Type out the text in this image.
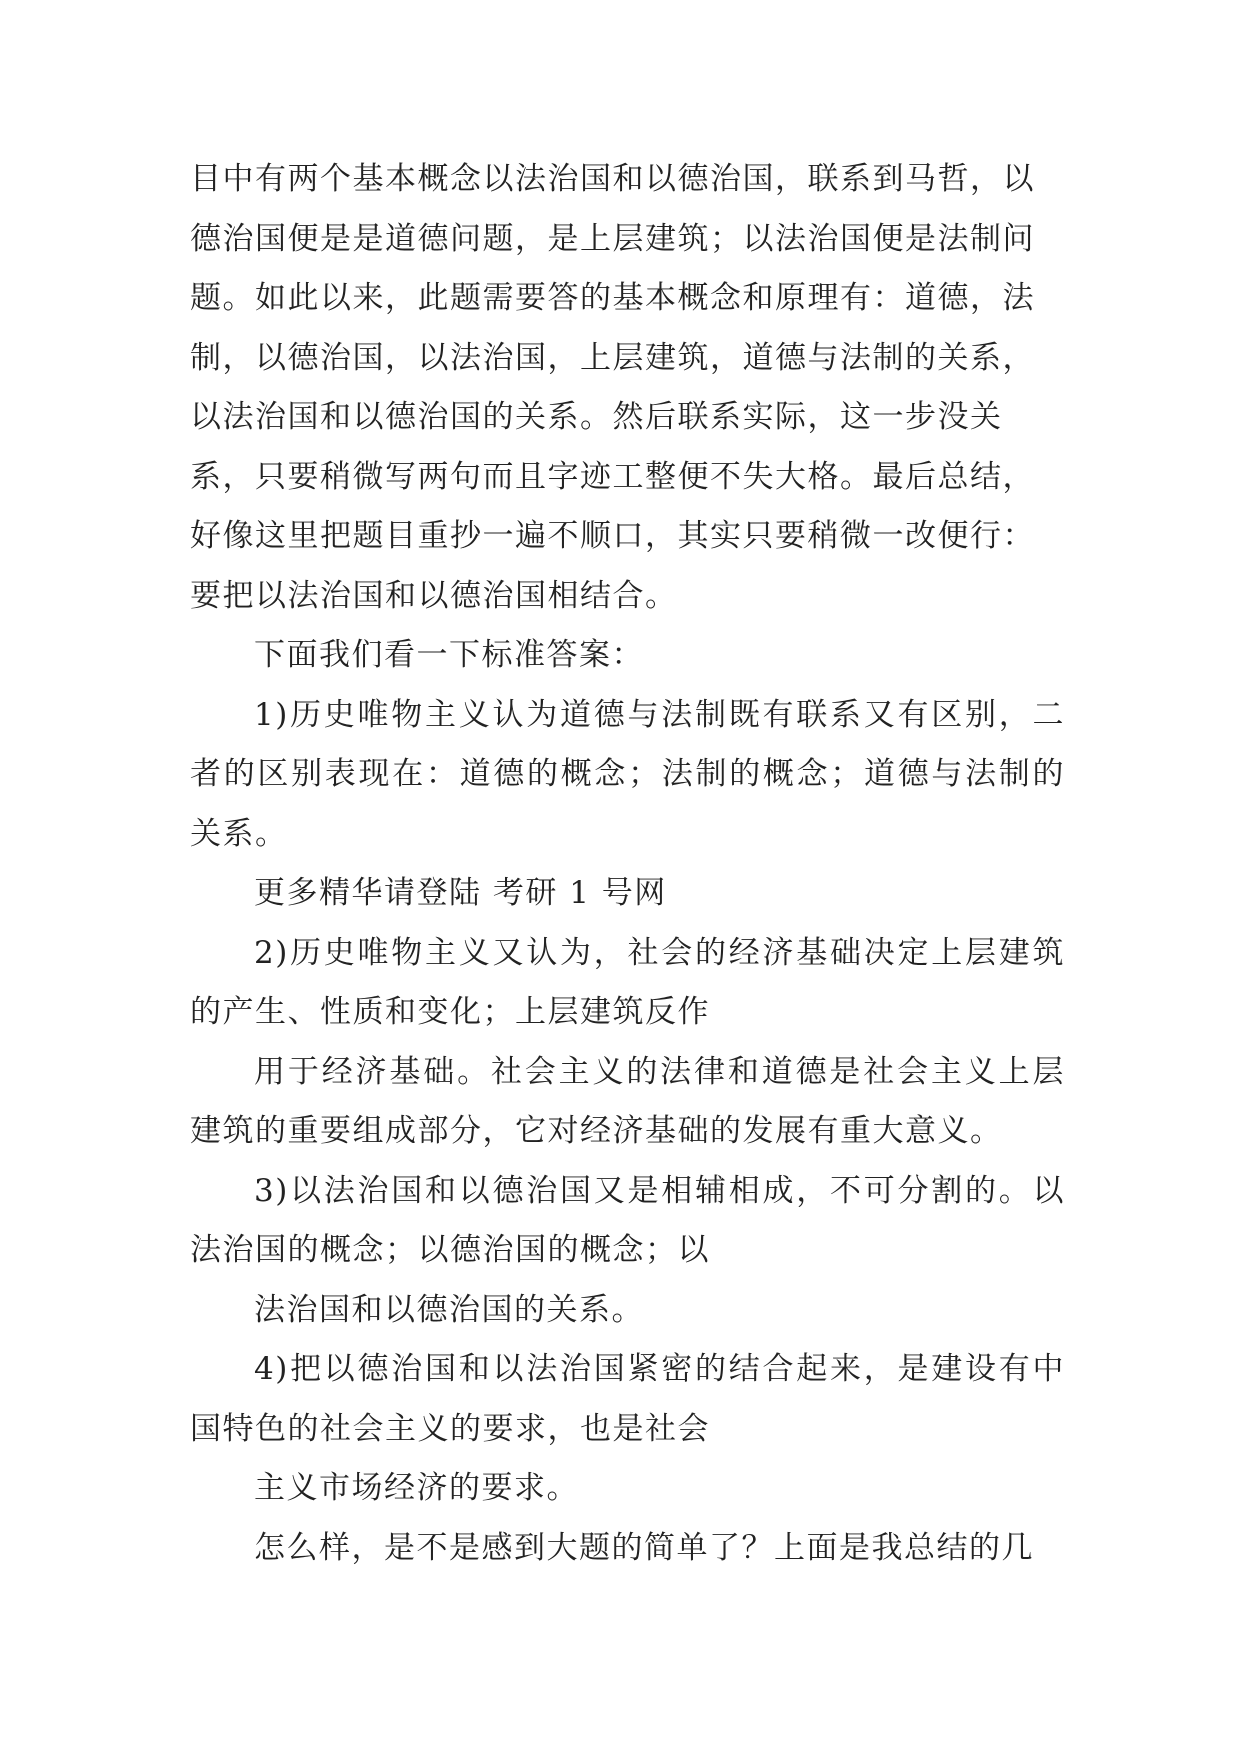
目中有两个基本概念以法治国和以德治国，联系到马哲，以德治国便是是道德问题，是上层建筑；以法治国便是法制问题。如此以来，此题需要答的基本概念和原理有：道德，法制，以德治国，以法治国，上层建筑，道德与法制的关系，以法治国和以德治国的关系。然后联系实际，这一步没关系，只要稍微写两句而且字迹工整便不失大格。最后总结，好像这里把题目重抄一遍不顺口，其实只要稍微一改便行：要把以法治国和以德治国相结合。

下面我们看一下标准答案：

1)历史唯物主义认为道德与法制既有联系又有区别，二者的区别表现在：道德的概念；法制的概念；道德与法制的关系。

更多精华请登陆 考研 1 号网

2)历史唯物主义又认为，社会的经济基础决定上层建筑的产生、性质和变化；上层建筑反作

用于经济基础。社会主义的法律和道德是社会主义上层建筑的重要组成部分，它对经济基础的发展有重大意义。

3)以法治国和以德治国又是相辅相成，不可分割的。以法治国的概念；以德治国的概念；以

法治国和以德治国的关系。

4)把以德治国和以法治国紧密的结合起来，是建设有中国特色的社会主义的要求，也是社会

主义市场经济的要求。

怎么样，是不是感到大题的简单了？上面是我总结的几
